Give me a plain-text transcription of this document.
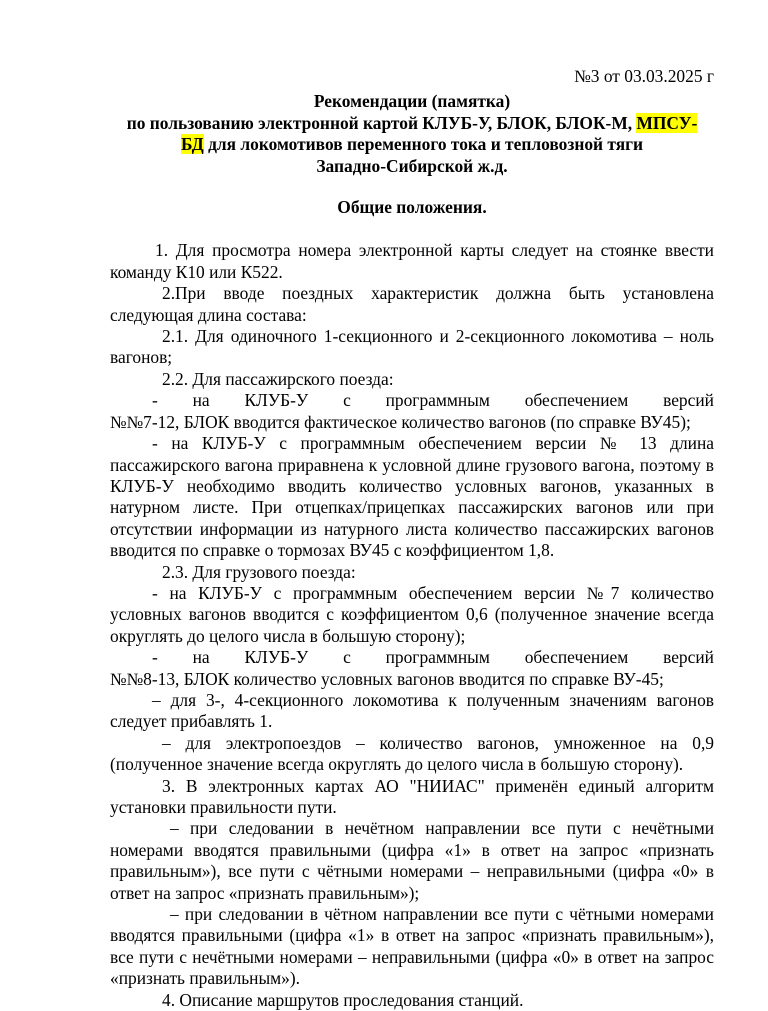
№3 от 03.03.2025 г

Рекомендации (памятка)

по пользованию электронной картой КЛУБ-У, БЛОК, БЛОК-М, МПСУ-

БД для локомотивов переменного тока и тепловозной тяги

Западно-Сибирской ж.д.

Общие положения.

1. Для просмотра номера электронной карты следует на стоянке ввести команду К10 или К522.

2.При вводе поездных характеристик должна быть установлена следующая длина состава:

2.1. Для одиночного 1-секционного и 2-секционного локомотива – ноль вагонов;

2.2. Для пассажирского поезда:

- на КЛУБ-У с программным обеспечением версий

№№7-12, БЛОК вводится фактическое количество вагонов (по справке ВУ45);

- на КЛУБ-У с программным обеспечением версии № 13 длина пассажирского вагона приравнена к условной длине грузового вагона, поэтому в КЛУБ-У необходимо вводить количество условных вагонов, указанных в натурном листе. При отцепках/прицепках пассажирских вагонов или при отсутствии информации из натурного листа количество пассажирских вагонов вводится по справке о тормозах ВУ45 с коэффициентом 1,8.

2.3. Для грузового поезда:

- на КЛУБ-У с программным обеспечением версии №7 количество условных вагонов вводится с коэффициентом 0,6 (полученное значение всегда округлять до целого числа в большую сторону);

- на КЛУБ-У с программным обеспечением версий

№№8-13, БЛОК количество условных вагонов вводится по справке ВУ-45;

– для 3-, 4-секционного локомотива к полученным значениям вагонов следует прибавлять 1.

– для электропоездов – количество вагонов, умноженное на 0,9 (полученное значение всегда округлять до целого числа в большую сторону).

3. В электронных картах АО "НИИАС" применён единый алгоритм установки правильности пути.

– при следовании в нечётном направлении все пути с нечётными номерами вводятся правильными (цифра «1» в ответ на запрос «признать правильным»), все пути с чётными номерами – неправильными (цифра «0» в ответ на запрос «признать правильным»);

– при следовании в чётном направлении все пути с чётными номерами вводятся правильными (цифра «1» в ответ на запрос «признать правильным»), все пути с нечётными номерами – неправильными (цифра «0» в ответ на запрос «признать правильным»).

4. Описание маршрутов проследования станций.
